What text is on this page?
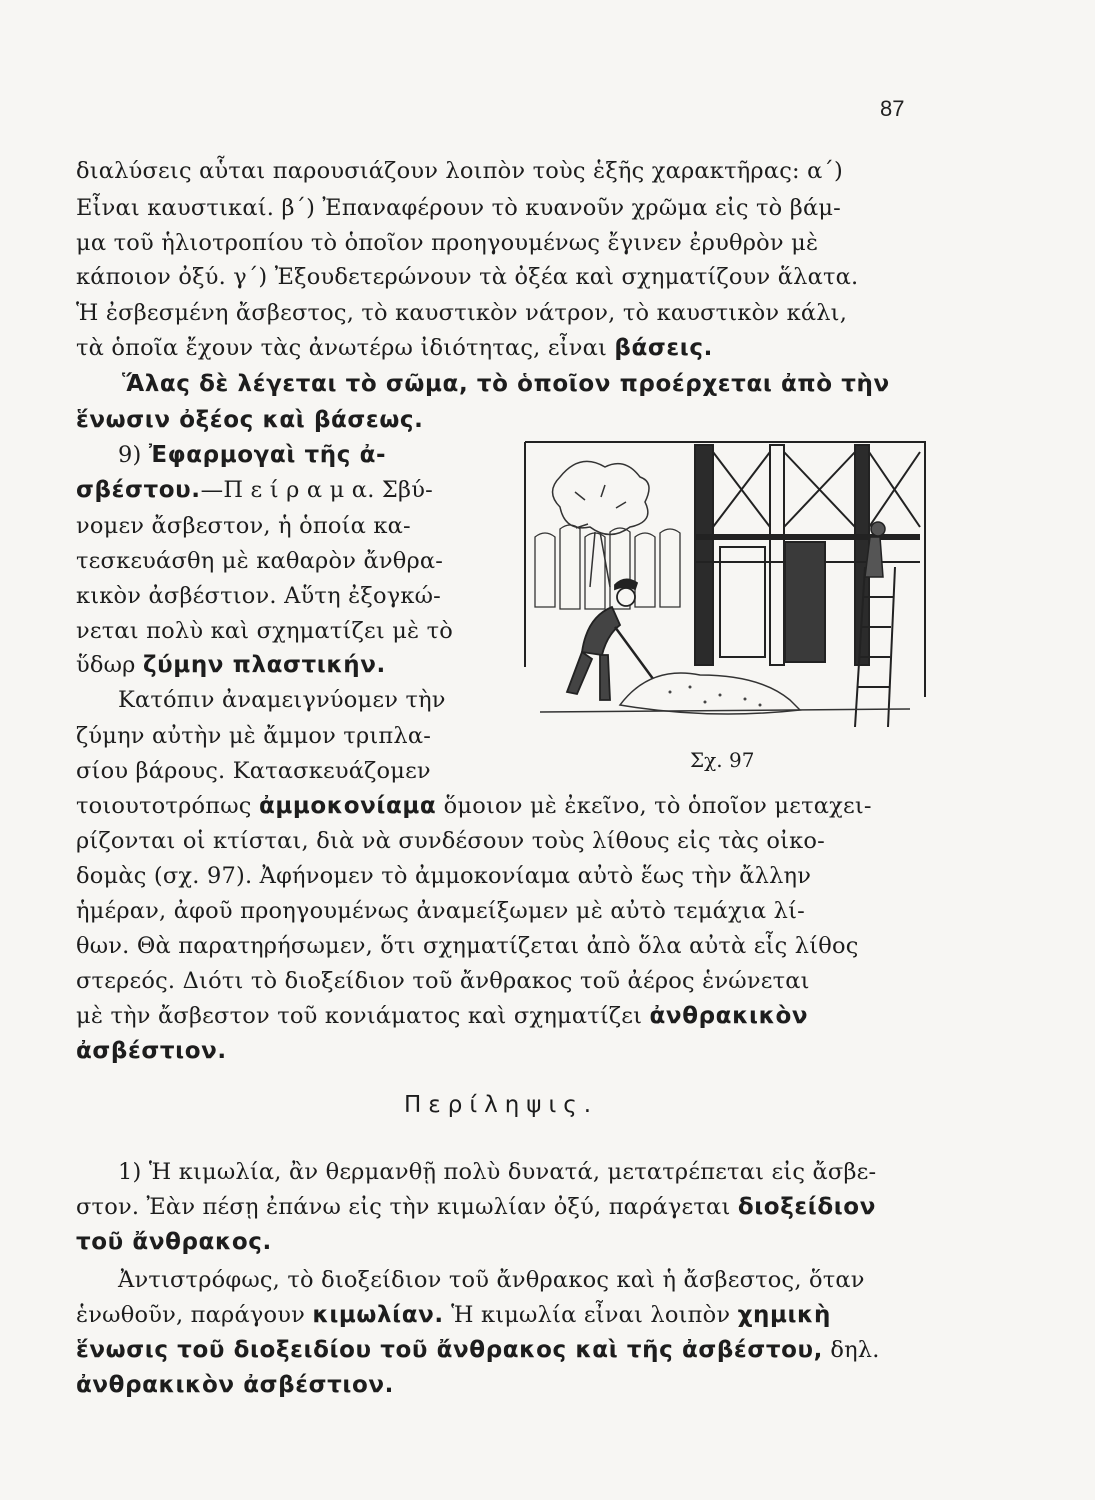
87

διαλύσεις αὗται παρουσιάζουν λοιπὸν τοὺς ἑξῆς χαρακτῆρας: α΄)

Εἶναι καυστικαί. β΄) Ἐπαναφέρουν τὸ κυανοῦν χρῶμα εἰς τὸ βάμ-

μα τοῦ ἡλιοτροπίου τὸ ὁποῖον προηγουμένως ἔγινεν ἐρυθρὸν μὲ

κάποιον ὀξύ. γ΄) Ἐξουδετερώνουν τὰ ὀξέα καὶ σχηματίζουν ἅλατα.

Ἡ ἐσβεσμένη ἄσβεστος, τὸ καυστικὸν νάτρον, τὸ καυστικὸν κάλι,

τὰ ὁποῖα ἔχουν τὰς ἀνωτέρω ἰδιότητας, εἶναι βάσεις.

Ἅλας δὲ λέγεται τὸ σῶμα, τὸ ὁποῖον προέρχεται ἀπὸ τὴν

ἕνωσιν ὀξέος καὶ βάσεως.

9) Ἐφαρμογαὶ τῆς ἀ-

σβέστου.—Π ε ί ρ α μ α. Σβύ-

νομεν ἄσβεστον, ἡ ὁποία κα-

τεσκευάσθη μὲ καθαρὸν ἄνθρα-

κικὸν ἀσβέστιον. Αὕτη ἐξογκώ-

νεται πολὺ καὶ σχηματίζει μὲ τὸ

ὕδωρ ζύμην πλαστικήν.

Κατόπιν ἀναμειγνύομεν τὴν

ζύμην αὐτὴν μὲ ἄμμον τριπλα-

σίου βάρους. Κατασκευάζομεν	Σχ. 97

τοιουτοτρόπως ἀμμοκονίαμα ὅμοιον μὲ ἐκεῖνο, τὸ ὁποῖον μεταχει-

ρίζονται οἱ κτίσται, διὰ νὰ συνδέσουν τοὺς λίθους εἰς τὰς οἰκο-

δομὰς (σχ. 97). Ἀφήνομεν τὸ ἀμμοκονίαμα αὐτὸ ἕως τὴν ἄλλην

ἡμέραν, ἀφοῦ προηγουμένως ἀναμείξωμεν μὲ αὐτὸ τεμάχια λί-

θων. Θὰ παρατηρήσωμεν, ὅτι σχηματίζεται ἀπὸ ὅλα αὐτὰ εἷς λίθος

στερεός. Διότι τὸ διοξείδιον τοῦ ἄνθρακος τοῦ ἀέρος ἑνώνεται

μὲ τὴν ἄσβεστον τοῦ κονιάματος καὶ σχηματίζει ἀνθρακικὸν

ἀσβέστιον.

Περίληψις.

1) Ἡ κιμωλία, ἂν θερμανθῇ πολὺ δυνατά, μετατρέπεται εἰς ἄσβε-

στον. Ἐὰν πέσῃ ἐπάνω εἰς τὴν κιμωλίαν ὀξύ, παράγεται διοξείδιον

τοῦ ἄνθρακος.

Ἀντιστρόφως, τὸ διοξείδιον τοῦ ἄνθρακος καὶ ἡ ἄσβεστος, ὅταν

ἑνωθοῦν, παράγουν κιμωλίαν. Ἡ κιμωλία εἶναι λοιπὸν χημικὴ

ἕνωσις τοῦ διοξειδίου τοῦ ἄνθρακος καὶ τῆς ἀσβέστου, δηλ.

ἀνθρακικὸν ἀσβέστιον.
